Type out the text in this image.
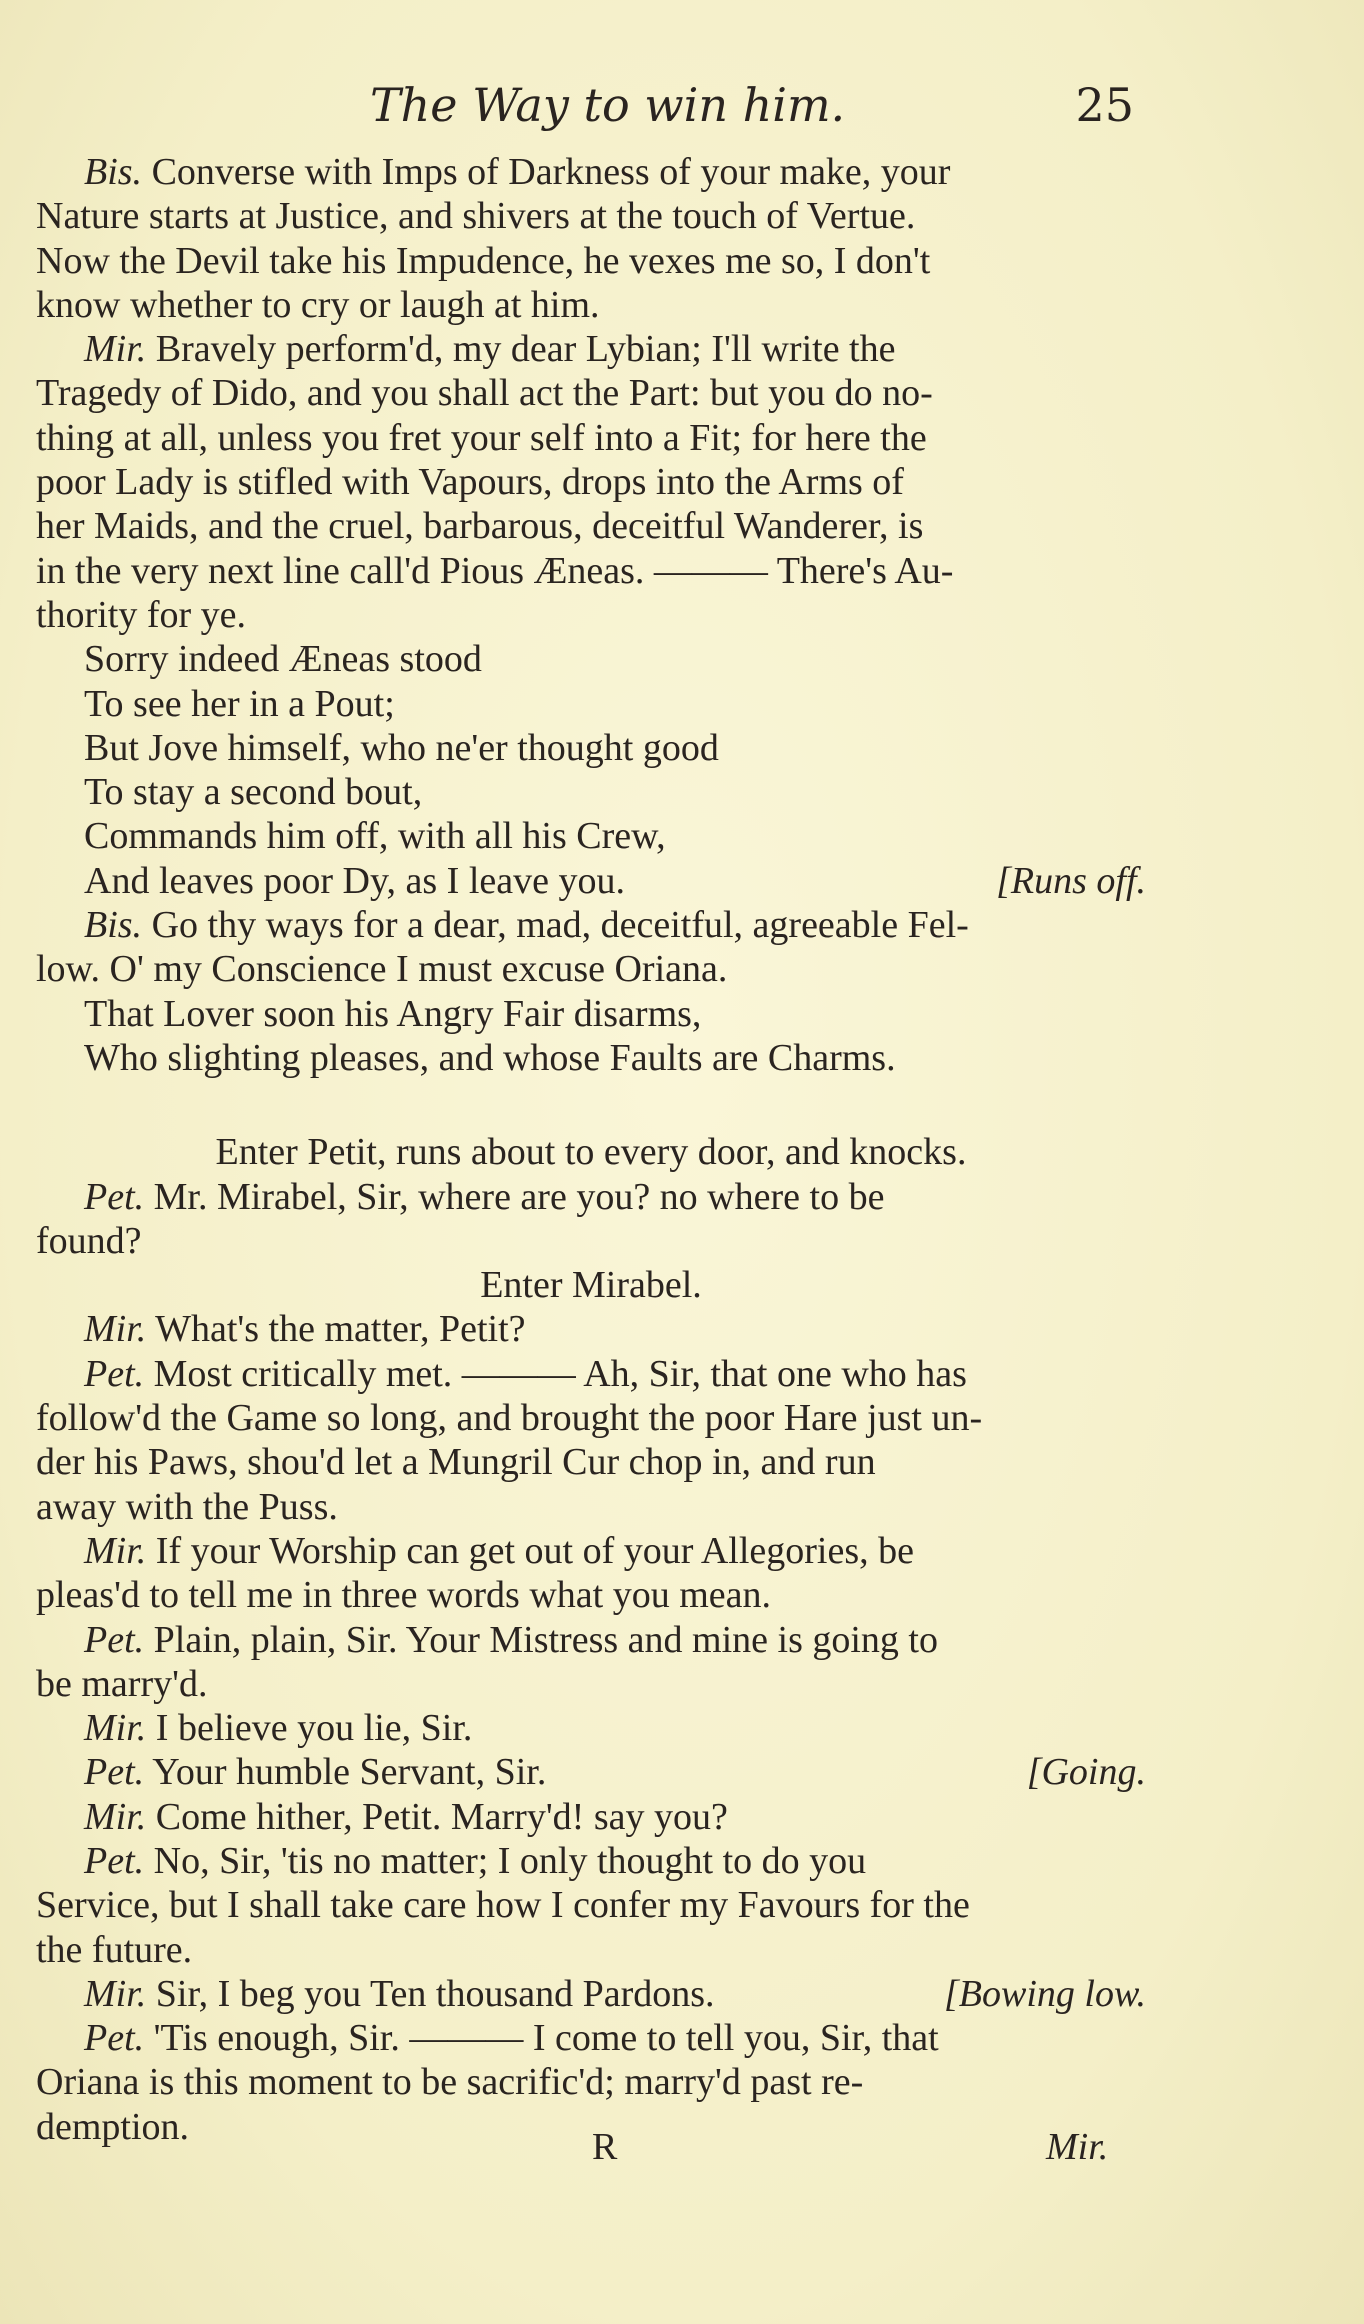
The Way to win him.	25
Bis. Converse with Imps of Darkness of your make, your
Nature starts at Justice, and shivers at the touch of Vertue.
Now the Devil take his Impudence, he vexes me so, I don't
know whether to cry or laugh at him.
Mir. Bravely perform'd, my dear Lybian; I'll write the
Tragedy of Dido, and you shall act the Part: but you do no-
thing at all, unless you fret your self into a Fit; for here the
poor Lady is stifled with Vapours, drops into the Arms of
her Maids, and the cruel, barbarous, deceitful Wanderer, is
in the very next line call'd Pious Æneas. ——— There's Au-
thority for ye.
Sorry indeed Æneas stood
To see her in a Pout;
But Jove himself, who ne'er thought good
To stay a second bout,
Commands him off, with all his Crew,
And leaves poor Dy, as I leave you.	[Runs off.
Bis. Go thy ways for a dear, mad, deceitful, agreeable Fel-
low. O' my Conscience I must excuse Oriana.
That Lover soon his Angry Fair disarms,
Who slighting pleases, and whose Faults are Charms.
Enter Petit, runs about to every door, and knocks.
Pet. Mr. Mirabel, Sir, where are you? no where to be
found?
Enter Mirabel.
Mir. What's the matter, Petit?
Pet. Most critically met. ——— Ah, Sir, that one who has
follow'd the Game so long, and brought the poor Hare just un-
der his Paws, shou'd let a Mungril Cur chop in, and run
away with the Puss.
Mir. If your Worship can get out of your Allegories, be
pleas'd to tell me in three words what you mean.
Pet. Plain, plain, Sir. Your Mistress and mine is going to
be marry'd.
Mir. I believe you lie, Sir.
Pet. Your humble Servant, Sir.	[Going.
Mir. Come hither, Petit. Marry'd! say you?
Pet. No, Sir, 'tis no matter; I only thought to do you
Service, but I shall take care how I confer my Favours for the
the future.
Mir. Sir, I beg you Ten thousand Pardons.	[Bowing low.
Pet. 'Tis enough, Sir. ——— I come to tell you, Sir, that
Oriana is this moment to be sacrific'd; marry'd past re-
demption.	R	Mir.
